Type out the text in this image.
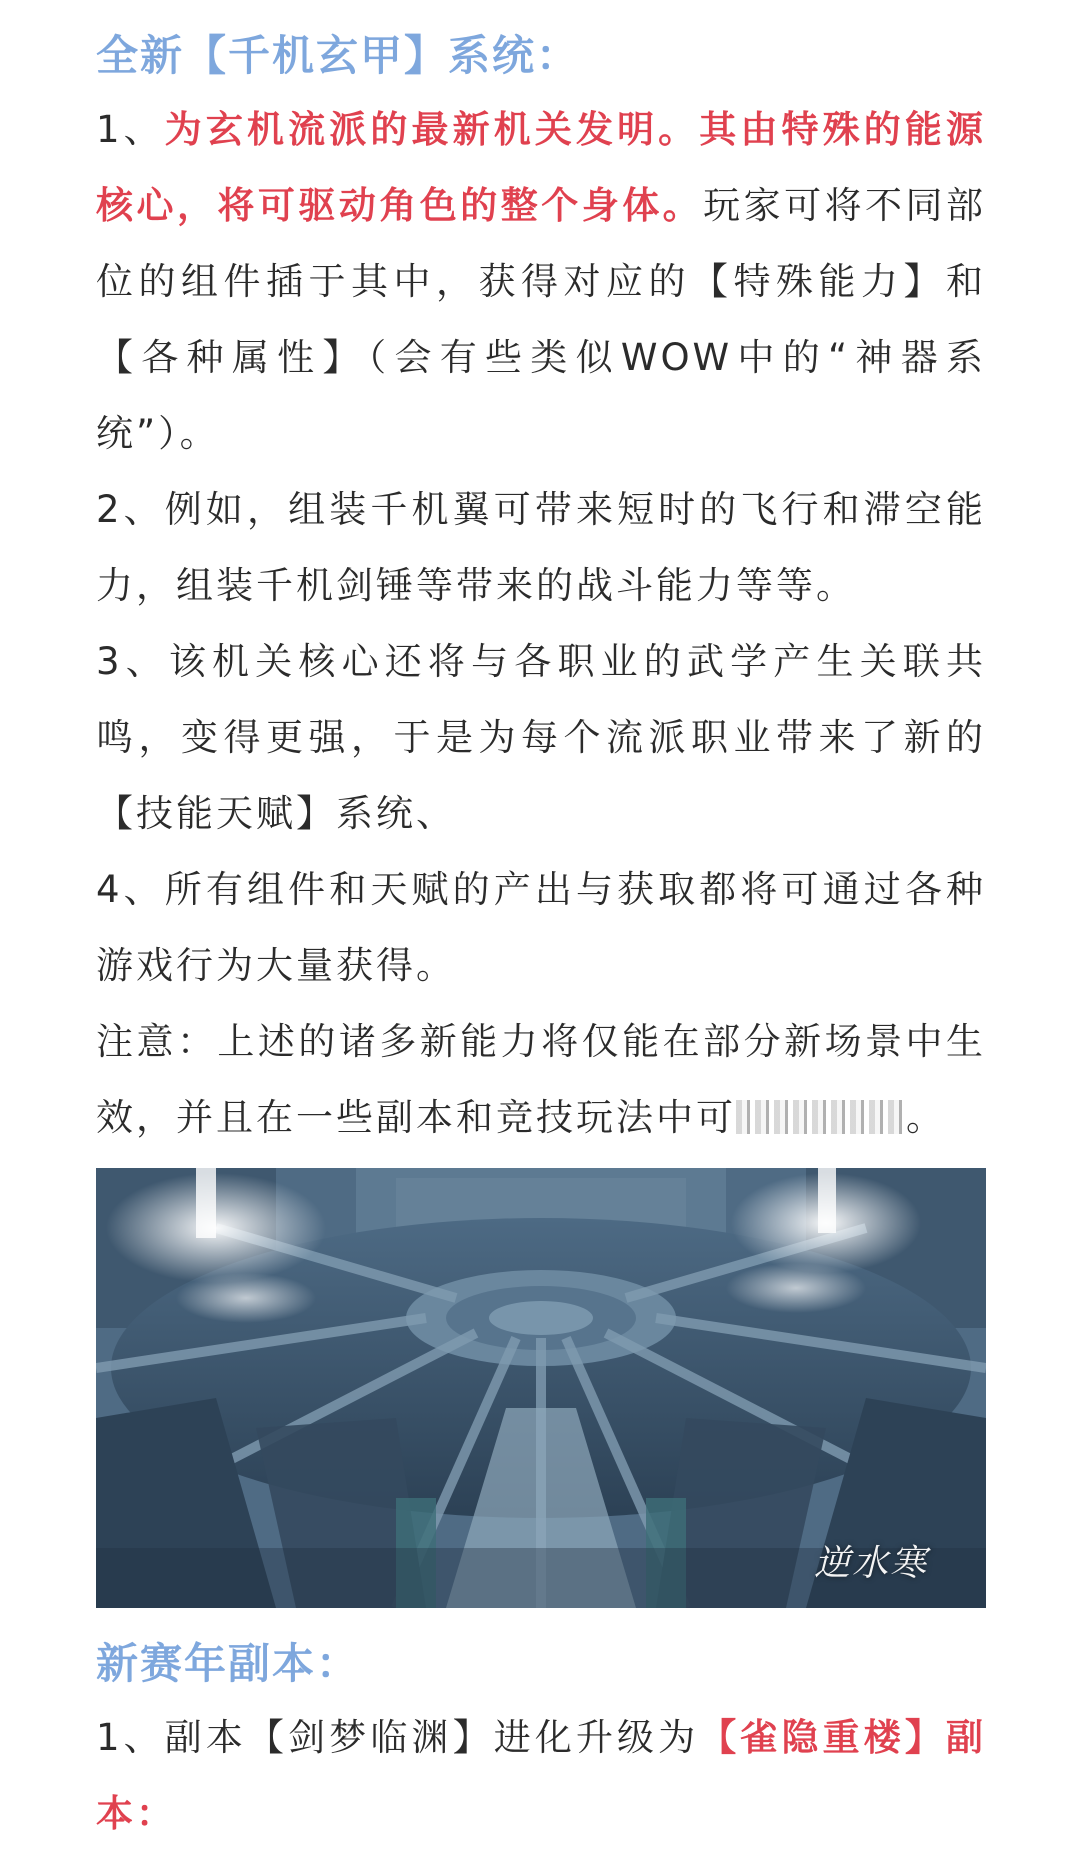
全新【千机玄甲】系统：

1、为玄机流派的最新机关发明。其由特殊的能源核心，将可驱动角色的整个身体。玩家可将不同部位的组件插于其中，获得对应的【特殊能力】和【各种属性】（会有些类似WOW中的“神器系统”）。

2、例如，组装千机翼可带来短时的飞行和滞空能力，组装千机剑锤等带来的战斗能力等等。

3、该机关核心还将与各职业的武学产生关联共鸣，变得更强，于是为每个流派职业带来了新的【技能天赋】系统、

4、所有组件和天赋的产出与获取都将可通过各种游戏行为大量获得。

注意：上述的诸多新能力将仅能在部分新场景中生效，并且在一些副本和竞技玩法中可	。

逆水寒
新赛年副本：

1、副本【剑梦临渊】进化升级为【雀隐重楼】副本：
